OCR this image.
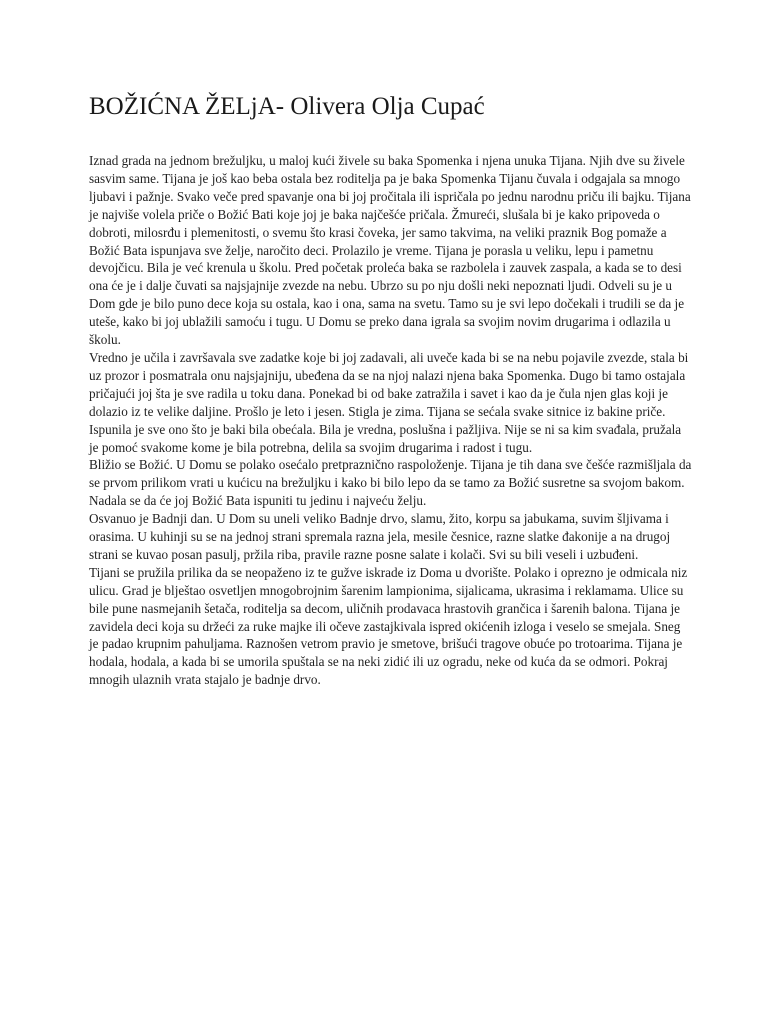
BOŽIĆNA ŽELjA- Olivera Olja Cupać

Iznad grada na jednom brežuljku, u maloj kući živele su baka Spomenka i njena unuka Tijana. Njih dve su živele sasvim same. Tijana je još kao beba ostala bez roditelja pa je baka Spomenka Tijanu čuvala i odgajala sa mnogo ljubavi i pažnje. Svako veče pred spavanje ona bi joj pročitala ili ispričala po jednu narodnu priču ili bajku. Tijana je najviše volela priče o Božić Bati koje joj je baka najčešće pričala. Žmureći, slušala bi je kako pripoveda o dobroti, milosrđu i plemenitosti, o svemu što krasi čoveka, jer samo takvima, na veliki praznik Bog pomaže a Božić Bata ispunjava sve želje, naročito deci. Prolazilo je vreme. Tijana je porasla u veliku, lepu i pametnu devojčicu. Bila je već krenula u školu. Pred početak proleća baka se razbolela i zauvek zaspala, a kada se to desi ona će je i dalje čuvati sa najsjajnije zvezde na nebu. Ubrzo su po nju došli neki nepoznati ljudi. Odveli su je u Dom gde je bilo puno dece koja su ostala, kao i ona, sama na svetu. Tamo su je svi lepo dočekali i trudili se da je uteše, kako bi joj ublažili samoću i tugu. U Domu se preko dana igrala sa svojim novim drugarima i odlazila u školu.

Vredno je učila i završavala sve zadatke koje bi joj zadavali, ali uveče kada bi se na nebu pojavile zvezde, stala bi uz prozor i posmatrala onu najsjajniju, ubeđena da se na njoj nalazi njena baka Spomenka. Dugo bi tamo ostajala pričajući joj šta je sve radila u toku dana. Ponekad bi od bake zatražila i savet i kao da je čula njen glas koji je dolazio iz te velike daljine. Prošlo je leto i jesen. Stigla je zima. Tijana se sećala svake sitnice iz bakine priče. Ispunila je sve ono što je baki bila obećala. Bila je vredna, poslušna i pažljiva. Nije se ni sa kim svađala, pružala je pomoć svakome kome je bila potrebna, delila sa svojim drugarima i radost i tugu.

Bližio se Božić. U Domu se polako osećalo pretpraznično raspoloženje. Tijana je tih dana sve češće razmišljala da se prvom prilikom vrati u kućicu na brežuljku i kako bi bilo lepo da se tamo za Božić susretne sa svojom bakom. Nadala se da će joj Božić Bata ispuniti tu jedinu i najveću želju.

Osvanuo je Badnji dan. U Dom su uneli veliko Badnje drvo, slamu, žito, korpu sa jabukama, suvim šljivama i orasima. U kuhinji su se na jednoj strani spremala razna jela, mesile česnice, razne slatke đakonije a na drugoj strani se kuvao posan pasulj, pržila riba, pravile razne posne salate i kolači. Svi su bili veseli i uzbuđeni.

Tijani se pružila prilika da se neopaženo iz te gužve iskrade iz Doma u dvorište. Polako i oprezno je odmicala niz ulicu. Grad je blještao osvetljen mnogobrojnim šarenim lampionima, sijalicama, ukrasima i reklamama. Ulice su bile pune nasmejanih šetača, roditelja sa decom, uličnih prodavaca hrastovih grančica i šarenih balona. Tijana je zavidela deci koja su držeći za ruke majke ili očeve zastajkivala ispred okićenih izloga i veselo se smejala. Sneg je padao krupnim pahuljama. Raznošen vetrom pravio je smetove, brišući tragove obuće po trotoarima. Tijana je hodala, hodala, a kada bi se umorila spuštala se na neki zidić ili uz ogradu, neke od kuća da se odmori. Pokraj mnogih ulaznih vrata stajalo je badnje drvo.
